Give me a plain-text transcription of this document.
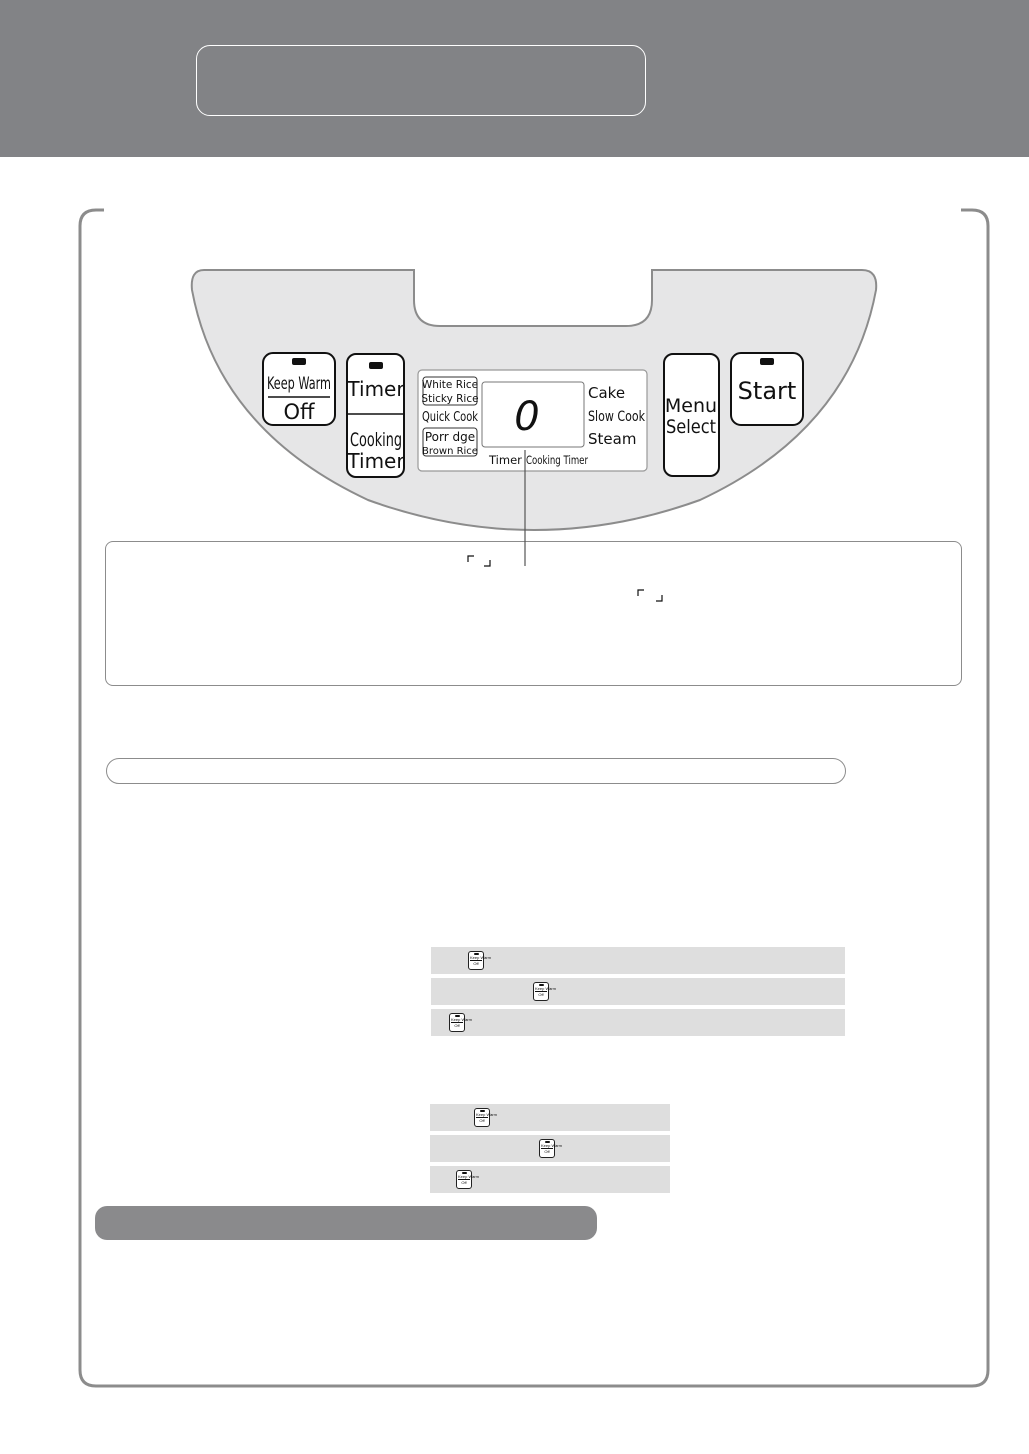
Keep Warm
Off
Timer
Cooking
Timer
White Rice
Sticky Rice
Quick Cook
Porr dge
Brown Rice
0
Cake
Slow Cook
Steam
Timer Cooking Timer
Menu
Select
Start
Keep Warm
Off
Keep Warm
Off
Keep Warm
Off
Keep Warm
Off
Keep Warm
Off
Keep Warm
Off
